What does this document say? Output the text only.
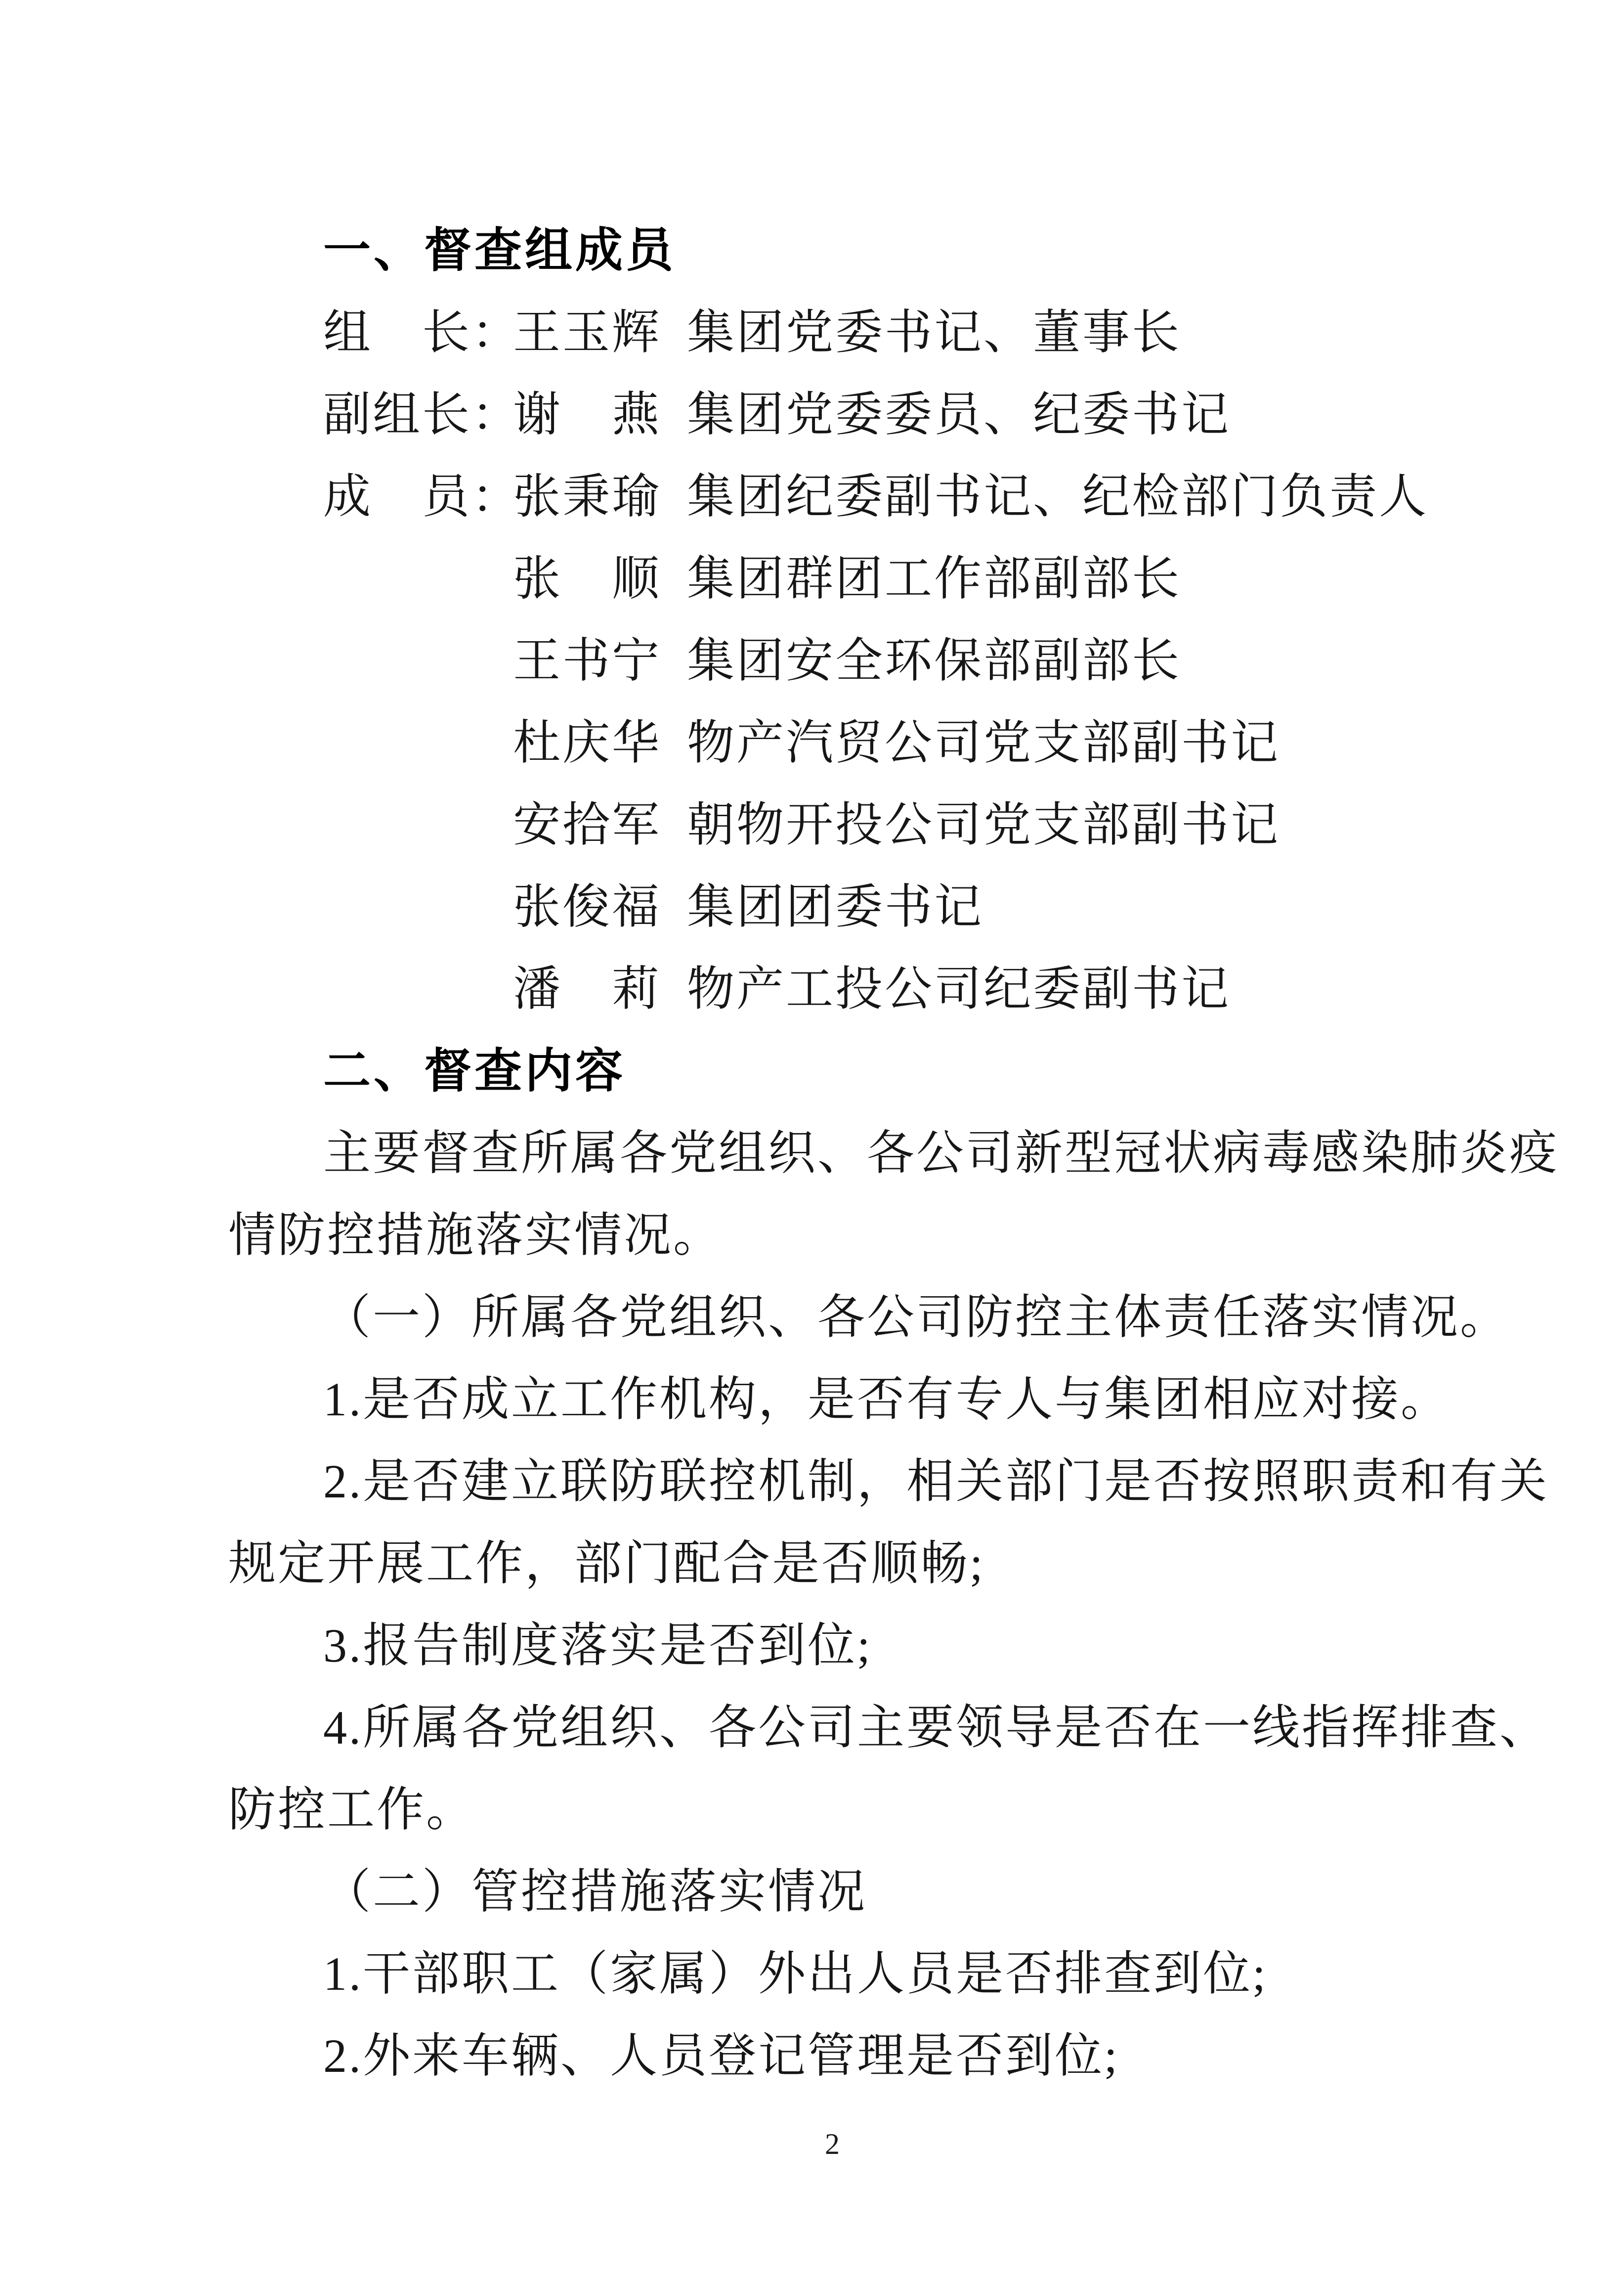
一、督查组成员
组　长：
王玉辉 集团党委书记、董事长
副组长：
谢　燕 集团党委委员、纪委书记
成　员：
张秉瑜 集团纪委副书记、纪检部门负责人
张　顺 集团群团工作部副部长
王书宁 集团安全环保部副部长
杜庆华 物产汽贸公司党支部副书记
安拾军 朝物开投公司党支部副书记
张俊福 集团团委书记
潘　莉 物产工投公司纪委副书记
二、督查内容
主要督查所属各党组织、各公司新型冠状病毒感染肺炎疫
情防控措施落实情况。
（一）所属各党组织、各公司防控主体责任落实情况。
1.是否成立工作机构，是否有专人与集团相应对接。
2.是否建立联防联控机制，相关部门是否按照职责和有关
规定开展工作，部门配合是否顺畅;
3.报告制度落实是否到位;
4.所属各党组织、各公司主要领导是否在一线指挥排查、
防控工作。
（二）管控措施落实情况
1.干部职工（家属）外出人员是否排查到位;
2.外来车辆、人员登记管理是否到位;
2
